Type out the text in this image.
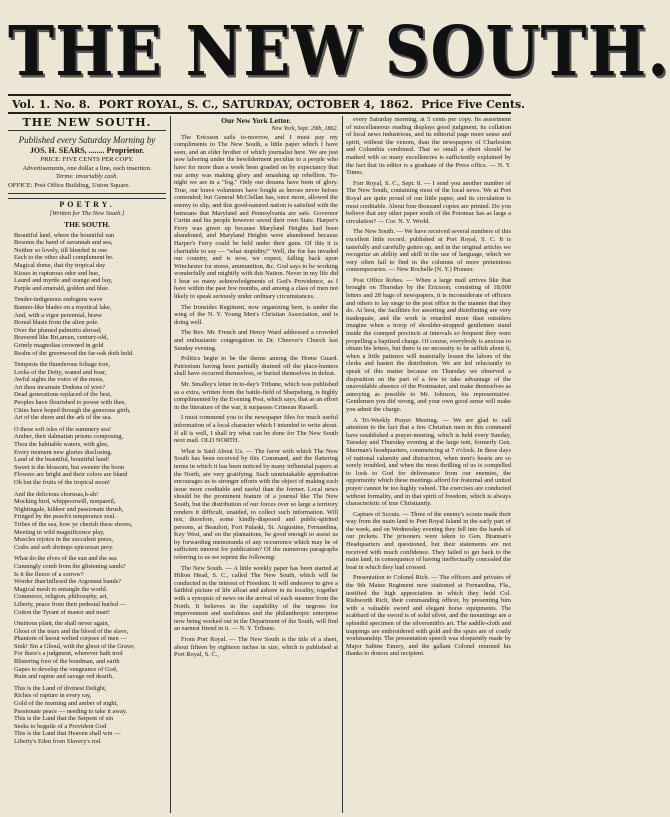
THE NEW SOUTH.
Vol. 1. No. 8. PORT ROYAL, S. C., SATURDAY, OCTOBER 4, 1862. Price Five Cents.
THE NEW SOUTH.
Published every Saturday Morning by
JOS. H. SEARS, ........ Proprietor.
PRICE: FIVE CENTS PER COPY.
Advertisements, one dollar a line, each insertion.
Terms: invariably cash.
OFFICE: Post Office Building, Union Square.
POETRY.
[Written for The New South.]
THE SOUTH.
Beautiful land, where the bountiful sun
Bosoms the hand of savannah and sea,
Neither so lovely, till blended in one
Each to the other shall complement be.
Magical dome, that thy tropical day
Kisses in rapturous odor and hue,
Laurel and myrtle and orange and bay,
Purple and emerald, golden and blue.
Tender-indigenous endogens wave
Banner-like blades on a mystical lake,
And, with a vigor perennial, brave
Boreal blasts from the alien pole.
Over the plumed palmetto abroad,
Bravered like Bri,arean, century-old,
Grimly magnolias crowned in gold
Realm of the greenwood the far-oak doth hold.
Tempests the thunderous foliage tore,
Locks of the Deity, waned and hoar,
Awful sights the voice of the moss,
Art thou incarnate Dodona of yore?
Dead generations replaced of the best,
Peoples have flourished to power with thee,
Cities have hoped through the generous girth,
Art of the shore and the ark of the sea.
O these soft isles of the summery sea!
Amber, their dalmatian prisms composing,
Thou the habitable waters, with glee,
Every moment new glories disclosing.
Land of the beautiful, bountiful land!
Sweet is the blossom, but sweeter the boon
Flowers are bright and their colors are bland
Oh but the fruits of the tropical noon!
And the delicious chorusas,h-ah!
Mocking bird, whippoorwill, nonpareil,
Nightingale, kildeer and passionate thrush,
Fringed by the peach's temperance zeal.
Tribes of the sea, how ye cherish these shores,
Meeting in wild magnificence play,
Muscles rejoice in the succulent pores,
Crabs and soft shrimps epicurean prey.
What do the elves of the sun and the sea
Cunningly comb from the glistening sands?
Is it the fleece of a sorrow?
Worder than'inflesed the Argonaut bands?
Magical mesh to entangle the world.
Commerce, religion, philosophy, art,
Liberty, peace from their pedestal hurled —
Cotton the Tyrant of manor and mart!
Ominous plant, the shall never again,
Ghost of the tears and the blood of the slave,
Phantom of knout welted corpses of men —
Sink! Sin a Ghoul, with the ghost of the Grave;
For there's a judgment, wherever hath trod
Blistering foot of the bondman, and earth
Gapes to develop the vengeance of God,
Ruin and rapine and savage red dearth.
This is the Land of divinest Delight,
Riches of rapture in every ray,
Gold of the morning and amber of night,
Passionate peace — needing to take it away.
This is the Land that the Serpent of sin
Seeks to beguile of a Provident God
This is the Land that Heaven shall win —
Liberty's Eden from Slavery's rod.
Our New York Letter.
New York, Sept. 29th, 1862.

The Ericsson sails to-morrow, and I must pay my compliments to The New South, a little paper which I have seen, and an elder brother of which journalist here. We are just now laboring under the bewilderment peculiar to a people who have for more than a week been goaded on by expectancy that our army was making glory and smashing up rebellion. To-night we are in a "fog." Only our dreams have been of glory. True, our brave volunteers have fought as heroes never before contended; but General McClellan has, once more, allowed the enemy to slip, and this good-natured nation is satisfied with the bemoans that Maryland and Pennsylvania are safe. Governor Curtin and his people however saved their own State. Harper's Ferry was given up because Maryland Heights had been abandoned, and Maryland Heights were abandoned because Harper's Ferry could be held under their guns. Of this it is charitable to say — "what stupidity!" Well, the foe has invaded our country, and is now, we expect, falling back upon Winchester for stores, ammunition, &c. God says to be working wonderfully and mightily with this Nation. Never in my life did I hear so many acknowledgments of God's Providence, as I have within the past few months, and among a class of men not likely to speak seriously under ordinary circumstances.

The Ironsides Regiment, now organizing here, is under the wing of the N. Y. Young Men's Christian Association, and is doing well.

The Rev. Mr. French and Henry Ward addressed a crowded and enthusiastic congregation in Dr. Cheever's Church last Sunday evening.

Politics begin to be the theme among the Home Guard. Patriotism having been partially drained off the place-hunters shall have occurred themselves, or buried themselves in defeat.

Mr. Smalley's letter in to-day's Tribune, which was published as a extra, written from the battle-field of Sharpsburg, is highly complimented by the Evening Post, which says, that as an effort in the literature of the war, it surpasses Crimean Russell.

I must commend you to the newspaper files for much useful information of a local character which I intended to write about. If all is well, I shall try what can be done for The New South next mail. OLD NORTH.

What is Said About Us. — The favor with which The New South has been received by this Command, and the flattering terms in which it has been noticed by many influential papers at the North, are very gratifying. Such unmistakable approbation encourages us to stronger efforts with the object of making each issue more creditable and useful than the former. Local news should be the prominent feature of a journal like The New South, but the distribution of our forces over so large a territory renders it difficult, unaided, to collect such information. Will not, therefore, some kindly-disposed and public-spirited persons, at Beaufort, Fort Pulaski, St. Augustine, Fernandina, Key West, and on the plantations, be good enough to assist us by forwarding memoranda of any occurrence which may be of sufficient interest for publication? Of the numerous paragraphs referring to us we reprint the following:

The New South. — A little weekly paper has been started at Hilton Head, S. C., called The New South, which will be conducted in the interest of Freedom. It will endeavor to give a faithful picture of life afloat and ashore in its locality, together with a synopsis of news on the arrival of each steamer from the North. It believes in the capability of the negroes for improvement and usefulness and the philanthropic enterprise now being worked out in the Department of the South, will find an earnest friend in it. — N. Y. Tribune.

From Port Royal. — The New South is the title of a sheet, about fifteen by eighteen inches in size, which is published at Port Royal, S. C.,

every Saturday morning, at 5 cents per copy. Its assortment of miscellaneous reading displays good judgment, its collation of local news industrious, and its editorial page more sense and spirit, without the venom, than the newspapers of Charleston and Columbia combined. That so small a sheet should be marked with so many excellencies is sufficiently explained by the fact that its editor is a graduate of the Press office. — N. Y. Times.

Fort Royal, S. C., Sept. 8. — I send you another number of The New South, containing most of the local news. We at Port Royal are quite proud of our little paper, and its circulation is most creditable. About four thousand copies are printed. Do you believe that any other paper south of the Potomac has as large a circulation? — Cor. N. Y. World.

The New South. — We have received several numbers of this excellent little record, published at Port Royal, S. C. It is tastefully and carefully gotten up, and in the original articles we recognize an ability and skill in the use of language, which we very often fail to find in the columns of more pretentious contemporaries. — New Rochelle (N. Y.) Pioneer.

Post Office Robes. — When a large mail arrives like that brought on Thursday by the Ericsson, consisting of 18,000 letters and 28 bags of newspapers, it is inconsiderate of officers and others to lay siege to the post office in the manner that they do. At best, the facilities for assorting and distributing are very inadequate, and the work is retarded more than outsiders imagine when a troop of shoulder-strapped gentlemen stand inside the cramped precincts at intervals so frequent they were propelling a baptized charge. Of course, everybody is anxious to obtain his letters, but there is no necessity to be selfish about it, when a little patience will materially lessen the labors of the clerks and hasten the distribution. We are led reluctantly to speak of this matter because on Thursday we observed a disposition on the part of a few to take advantage of the unavoidable absence of the Postmaster, and make themselves as annoying as possible to Mr. Johnson, his representative. Gentlemen you did wrong, and your own good sense will make you admit the charge.

A Tri-Weekly Prayer Meeting. — We are glad to call attention to the fact that a few Christian men in this command have established a prayer-meeting, which is held every Sunday, Tuesday and Thursday evening at the large tent, formerly Gen. Sherman's headquarters, commencing at 7 o'clock. In these days of national calamity and distraction, when men's hearts are so sorely troubled, and when the most thrilling of us is compelled to look to God for deliverance from our enemies, the opportunity which these meetings afford for fraternal and united prayer cannot be too highly valued. The exercises are conducted without formality, and in that spirit of freedom, which is always characteristic of true Christianity.

Capture of Scouts. — Three of the enemy's scouts made their way from the main land to Port Royal Island in the early part of the week, and on Wednesday evening they fell into the hands of our pickets. The prisoners were taken to Gen. Brannan's Headquarters and questioned, but their statements are not received with much confidence. They failed to get back to the main land, in consequence of having ineffectually concealed the boat in which they had crossed.

Presentation to Colonel Rich. — The officers and privates of the 9th Maine Regiment now stationed at Fernandina, Fla., testified the high appreciation in which they hold Col. Rishworth Rich, their commanding officer, by presenting him with a valuable sword and elegant horse equipments. The scabbard of the sword is of solid silver, and the mountings are a splendid specimen of the silversmith's art. The saddle-cloth and trappings are embroidered with gold and the spurs are of costly workmanship. The presentation speech was eloquently made by Major Sabine Emery, and the gallant Colonel returned his thanks to donors and recipient.
